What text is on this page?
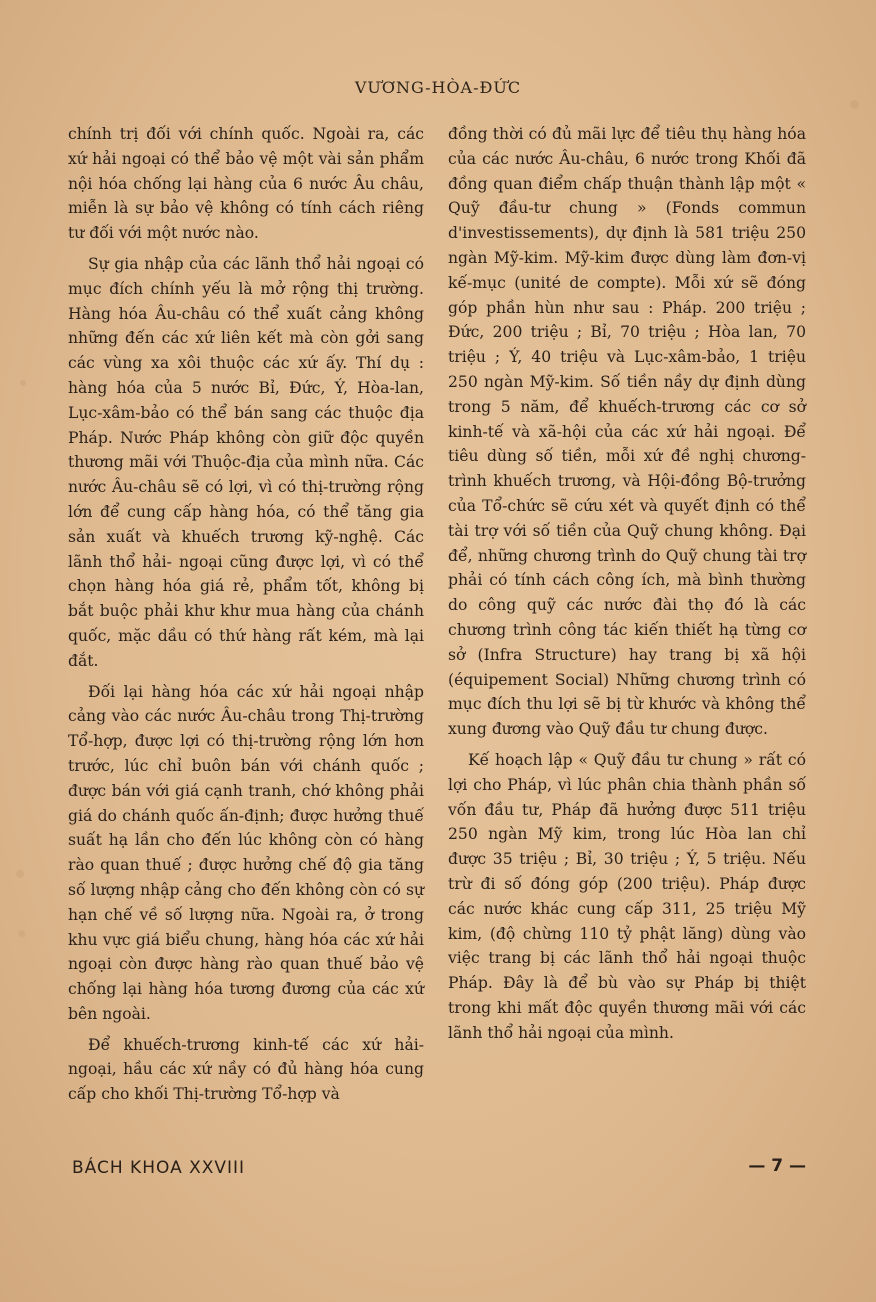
VƯƠNG-HÒA-ĐỨC

chính trị đối với chính quốc. Ngoài ra, các xứ hải ngoại có thể bảo vệ một vài sản phẩm nội hóa chống lại hàng của 6 nước Âu châu, miễn là sự bảo vệ không có tính cách riêng tư đối với một nước nào.

Sự gia nhập của các lãnh thổ hải ngoại có mục đích chính yếu là mở rộng thị trường. Hàng hóa Âu-châu có thể xuất cảng không những đến các xứ liên kết mà còn gởi sang các vùng xa xôi thuộc các xứ ấy. Thí dụ : hàng hóa của 5 nước Bỉ, Đức, Ý, Hòa-lan, Lục-xâm-bảo có thể bán sang các thuộc địa Pháp. Nước Pháp không còn giữ độc quyền thương mãi với Thuộc-địa của mình nữa. Các nước Âu-châu sẽ có lợi, vì có thị-trường rộng lớn để cung cấp hàng hóa, có thể tăng gia sản xuất và khuếch trương kỹ-nghệ. Các lãnh thổ hải- ngoại cũng được lợi, vì có thể chọn hàng hóa giá rẻ, phẩm tốt, không bị bắt buộc phải khư khư mua hàng của chánh quốc, mặc dầu có thứ hàng rất kém, mà lại đắt.

Đối lại hàng hóa các xứ hải ngoại nhập cảng vào các nước Âu-châu trong Thị-trường Tổ-hợp, được lợi có thị-trường rộng lớn hơn trước, lúc chỉ buôn bán với chánh quốc ; được bán với giá cạnh tranh, chớ không phải giá do chánh quốc ấn-định; được hưởng thuế suất hạ lần cho đến lúc không còn có hàng rào quan thuế ; được hưởng chế độ gia tăng số lượng nhập cảng cho đến không còn có sự hạn chế về số lượng nữa. Ngoài ra, ở trong khu vực giá biểu chung, hàng hóa các xứ hải ngoại còn được hàng rào quan thuế bảo vệ chống lại hàng hóa tương đương của các xứ bên ngoài.

Để khuếch-trương kinh-tế các xứ hải-ngoại, hầu các xứ nầy có đủ hàng hóa cung cấp cho khối Thị-trường Tổ-hợp và

đồng thời có đủ mãi lực để tiêu thụ hàng hóa của các nước Âu-châu, 6 nước trong Khối đã đồng quan điểm chấp thuận thành lập một « Quỹ đầu-tư chung » (Fonds commun d'investissements), dự định là 581 triệu 250 ngàn Mỹ-kim. Mỹ-kim được dùng làm đơn-vị kế-mục (unité de compte). Mỗi xứ sẽ đóng góp phần hùn như sau : Pháp. 200 triệu ; Đức, 200 triệu ; Bỉ, 70 triệu ; Hòa lan, 70 triệu ; Ý, 40 triệu và Lục-xâm-bảo, 1 triệu 250 ngàn Mỹ-kim. Số tiền nầy dự định dùng trong 5 năm, để khuếch-trương các cơ sở kinh-tế và xã-hội của các xứ hải ngoại. Để tiêu dùng số tiền, mỗi xứ đề nghị chương-trình khuếch trương, và Hội-đồng Bộ-trưởng của Tổ-chức sẽ cứu xét và quyết định có thể tài trợ với số tiền của Quỹ chung không. Đại để, những chương trình do Quỹ chung tài trợ phải có tính cách công ích, mà bình thường do công quỹ các nước đài thọ đó là các chương trình công tác kiến thiết hạ từng cơ sở (Infra Structure) hay trang bị xã hội (équipement Social) Những chương trình có mục đích thu lợi sẽ bị từ khước và không thể xung đương vào Quỹ đầu tư chung được.

Kế hoạch lập « Quỹ đầu tư chung » rất có lợi cho Pháp, vì lúc phân chia thành phần số vốn đầu tư, Pháp đã hưởng được 511 triệu 250 ngàn Mỹ kim, trong lúc Hòa lan chỉ được 35 triệu ; Bỉ, 30 triệu ; Ý, 5 triệu. Nếu trừ đi số đóng góp (200 triệu). Pháp được các nước khác cung cấp 311, 25 triệu Mỹ kim, (độ chừng 110 tỷ phật lăng) dùng vào việc trang bị các lãnh thổ hải ngoại thuộc Pháp. Đây là để bù vào sự Pháp bị thiệt trong khi mất độc quyền thương mãi với các lãnh thổ hải ngoại của mình.

BÁCH KHOA XXVIII	— 7 —
